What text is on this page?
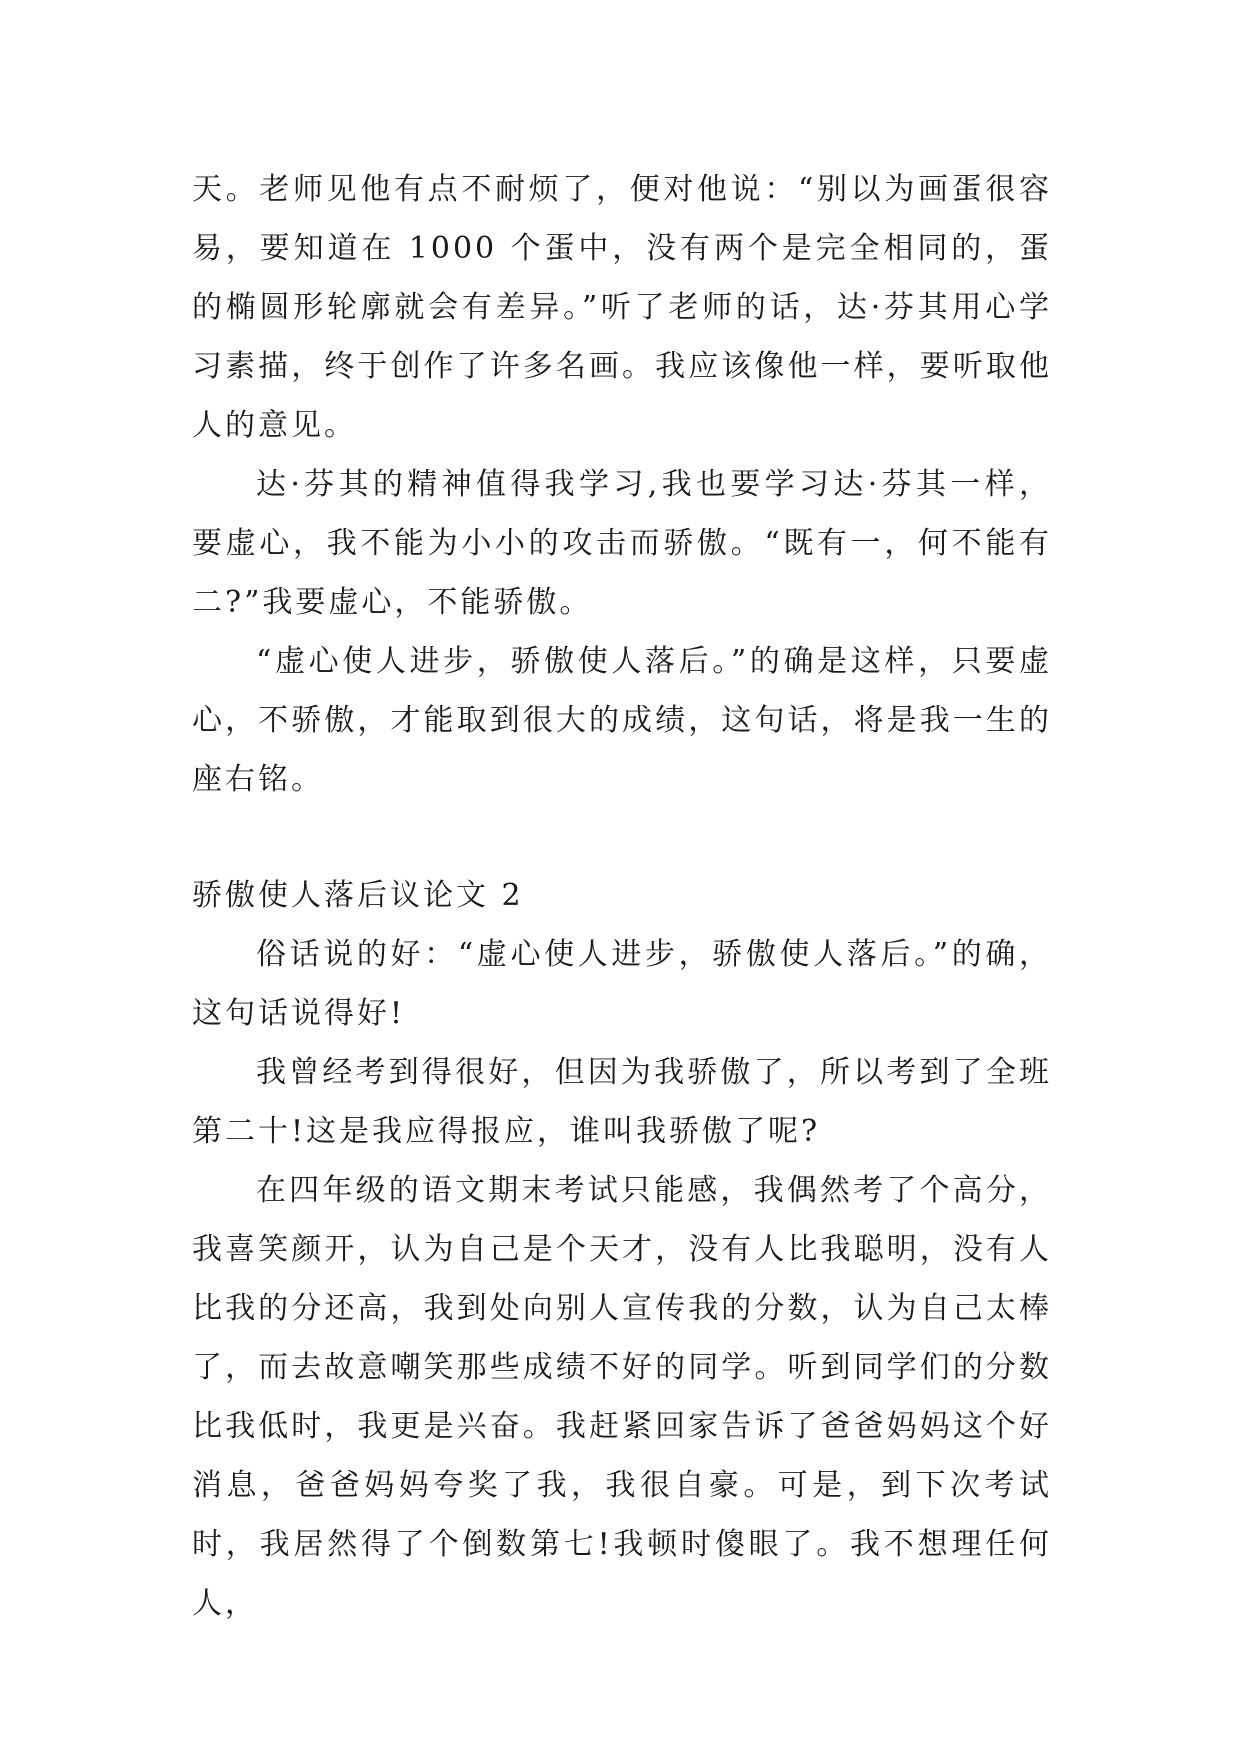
天。老师见他有点不耐烦了，便对他说：“别以为画蛋很容易，要知道在 1000 个蛋中，没有两个是完全相同的，蛋的椭圆形轮廓就会有差异。”听了老师的话，达·芬其用心学习素描，终于创作了许多名画。我应该像他一样，要听取他人的意见。

达·芬其的精神值得我学习,我也要学习达·芬其一样，要虚心，我不能为小小的攻击而骄傲。“既有一，何不能有二?”我要虚心，不能骄傲。

“虚心使人进步，骄傲使人落后。”的确是这样，只要虚心，不骄傲，才能取到很大的成绩，这句话，将是我一生的座右铭。

骄傲使人落后议论文 2

俗话说的好：“虚心使人进步，骄傲使人落后。”的确，这句话说得好!

我曾经考到得很好，但因为我骄傲了，所以考到了全班第二十!这是我应得报应，谁叫我骄傲了呢?

在四年级的语文期末考试只能感，我偶然考了个高分，我喜笑颜开，认为自己是个天才，没有人比我聪明，没有人比我的分还高，我到处向别人宣传我的分数，认为自己太棒了，而去故意嘲笑那些成绩不好的同学。听到同学们的分数比我低时，我更是兴奋。我赶紧回家告诉了爸爸妈妈这个好消息，爸爸妈妈夸奖了我，我很自豪。可是，到下次考试时，我居然得了个倒数第七!我顿时傻眼了。我不想理任何人，
